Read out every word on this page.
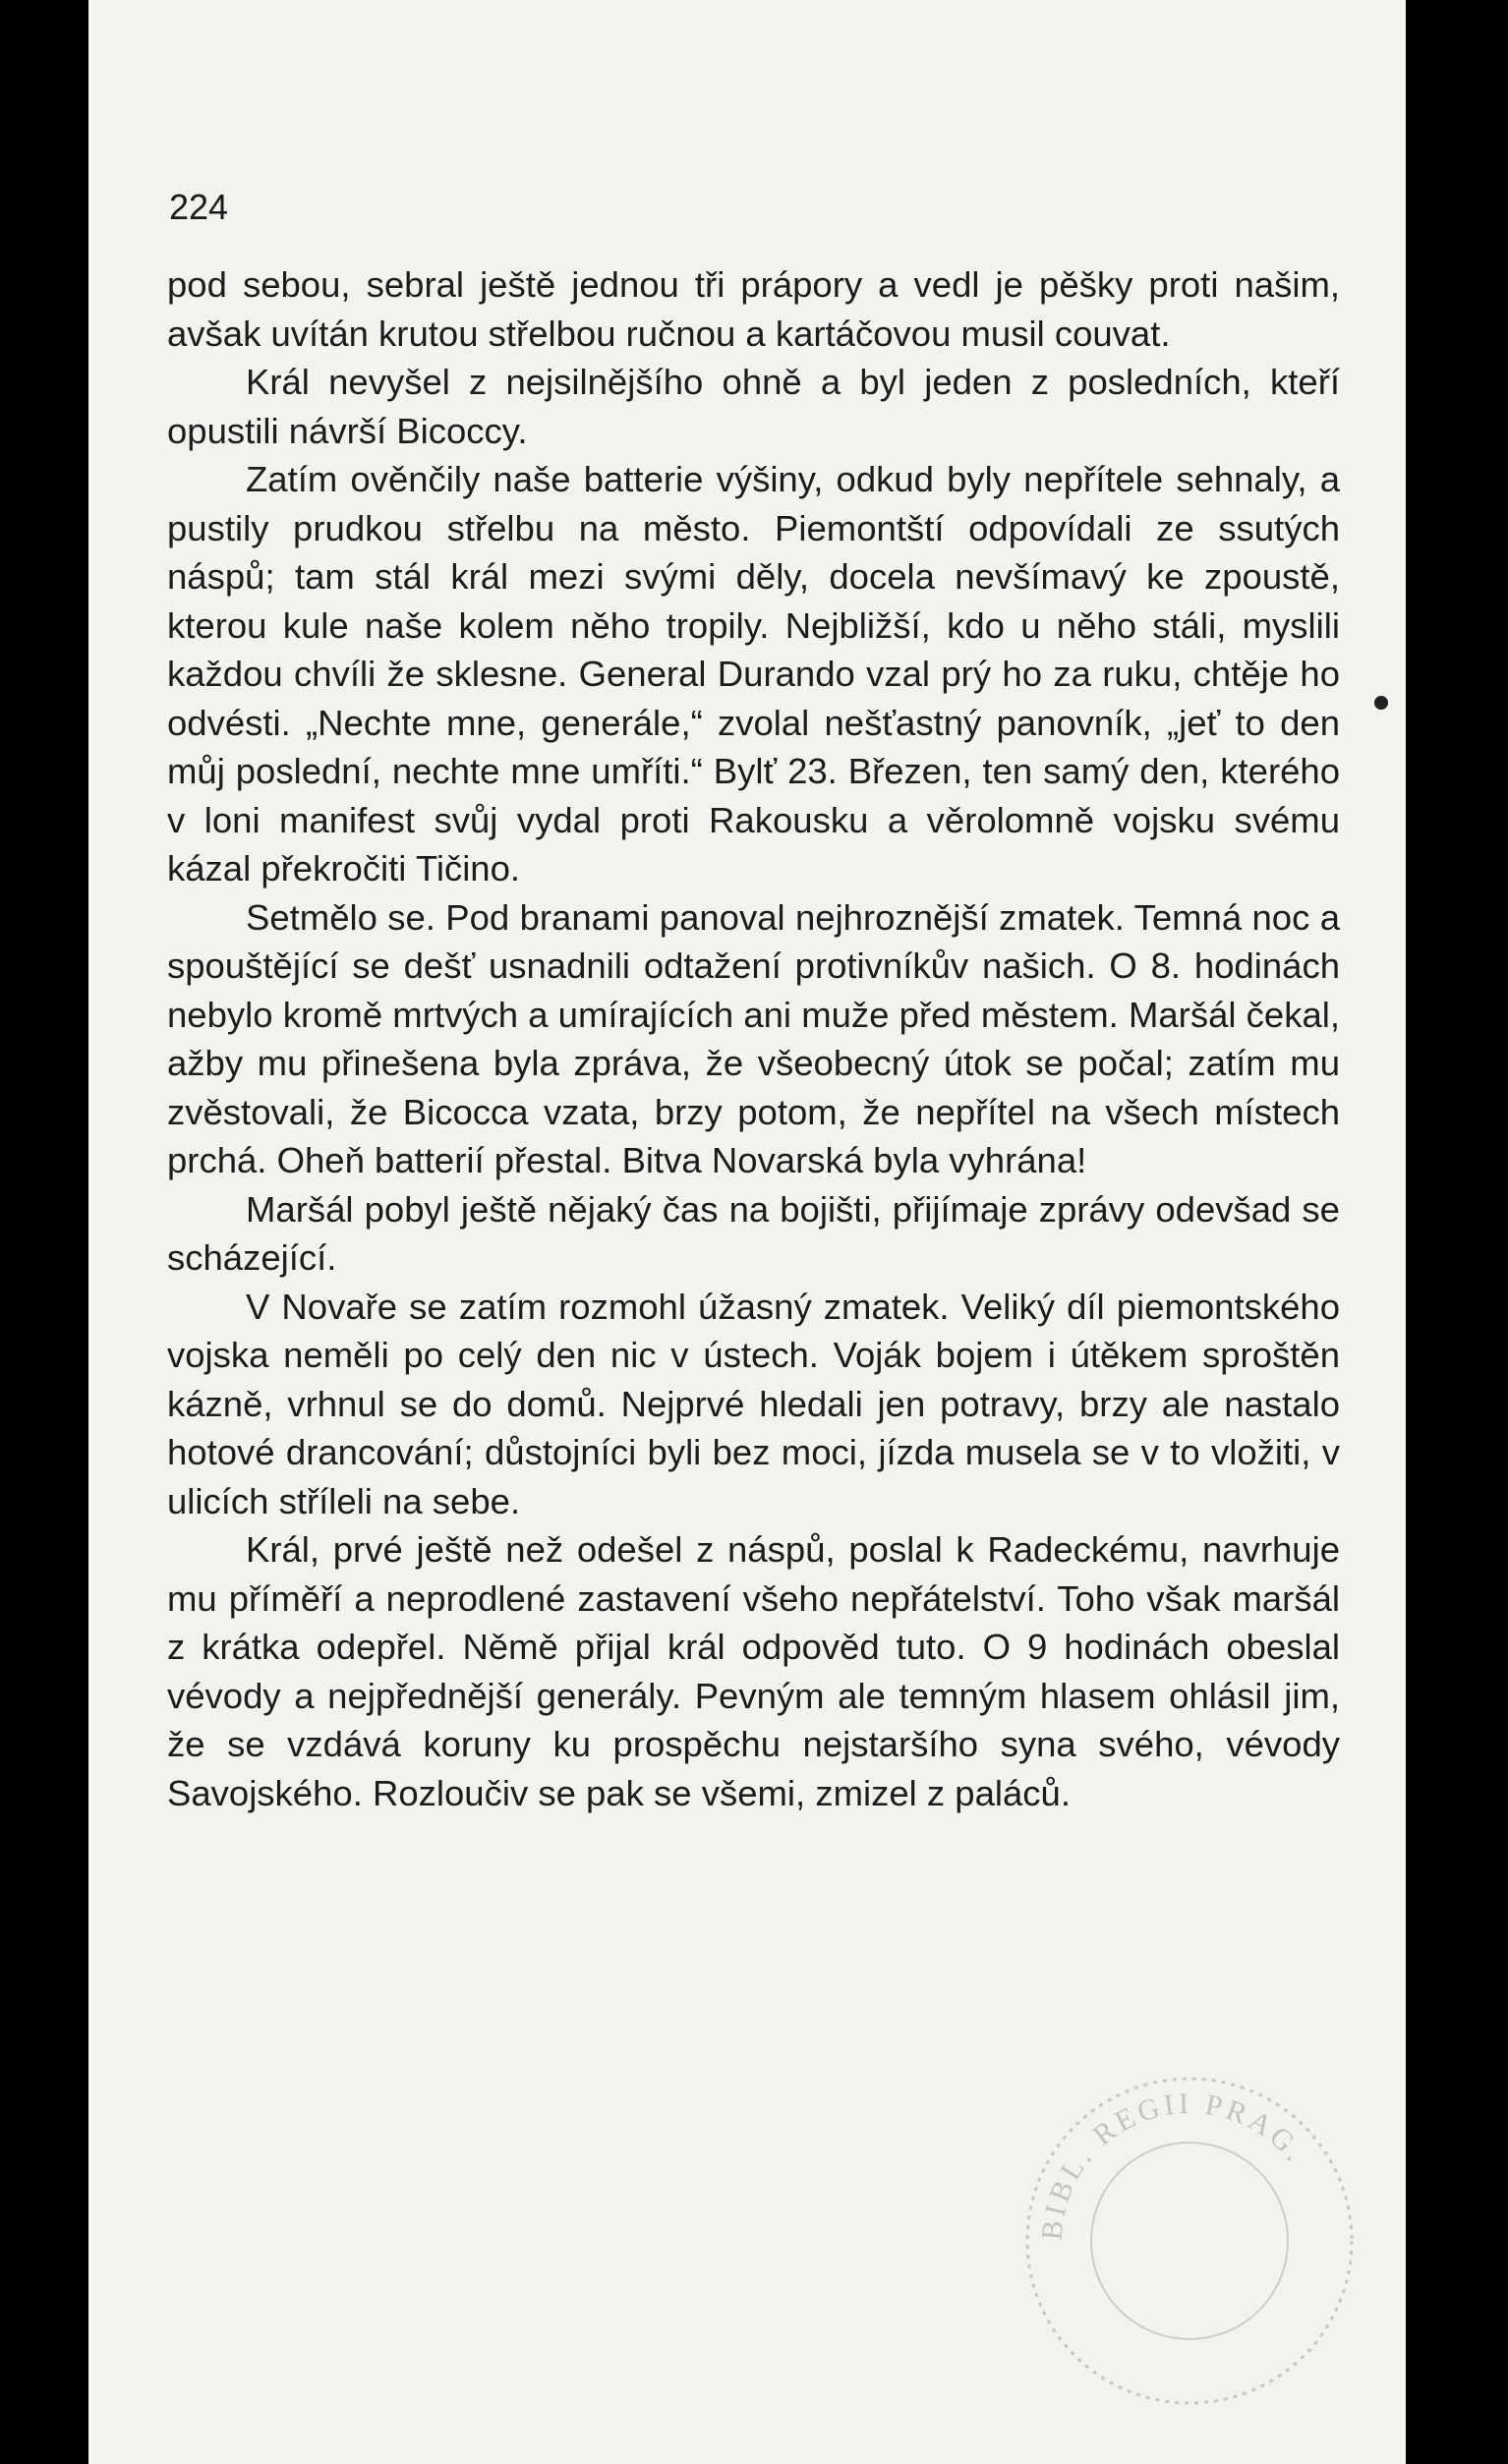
224

pod sebou, sebral ještě jednou tři prápory a vedl je pěšky proti našim, avšak uvítán krutou střelbou ručnou a kartáčovou musil couvat.

Král nevyšel z nejsilnějšího ohně a byl jeden z posledních, kteří opustili návrší Bicoccy.

Zatím ověnčily naše batterie výšiny, odkud byly nepřítele sehnaly, a pustily prudkou střelbu na město. Piemontští odpovídali ze ssutých náspů; tam stál král mezi svými děly, docela nevšímavý ke zpoustě, kterou kule naše kolem něho tropily. Nejbližší, kdo u něho stáli, myslili každou chvíli že sklesne. General Durando vzal prý ho za ruku, chtěje ho odvésti. „Nechte mne, generále,“ zvolal nešťastný panovník, „jeť to den můj poslední, nechte mne umříti.“ Bylť 23. Březen, ten samý den, kterého v loni manifest svůj vydal proti Rakousku a věrolomně vojsku svému kázal překročiti Tičino.

Setmělo se. Pod branami panoval nejhroznější zmatek. Temná noc a spouštějící se dešť usnadnili odtažení protivníkův našich. O 8. hodinách nebylo kromě mrtvých a umírajících ani muže před městem. Maršál čekal, ažby mu přinešena byla zpráva, že všeobecný útok se počal; zatím mu zvěstovali, že Bicocca vzata, brzy potom, že nepřítel na všech místech prchá. Oheň batterií přestal. Bitva Novarská byla vyhrána!

Maršál pobyl ještě nějaký čas na bojišti, přijímaje zprávy odevšad se scházející.

V Novaře se zatím rozmohl úžasný zmatek. Veliký díl piemontského vojska neměli po celý den nic v ústech. Voják bojem i útěkem sproštěn kázně, vrhnul se do domů. Nejprvé hledali jen potravy, brzy ale nastalo hotové drancování; důstojníci byli bez moci, jízda musela se v to vložiti, v ulicích stříleli na sebe.

Král, prvé ještě než odešel z náspů, poslal k Radeckému, navrhuje mu příměří a neprodlené zastavení všeho nepřátelství. Toho však maršál z krátka odepřel. Němě přijal král odpověd tuto. O 9 hodinách obeslal vévody a nejpřednější generály. Pevným ale temným hlasem ohlásil jim, že se vzdává koruny ku prospěchu nejstaršího syna svého, vévody Savojského. Rozloučiv se pak se všemi, zmizel z paláců.

BIBL. REGII PRAG.
